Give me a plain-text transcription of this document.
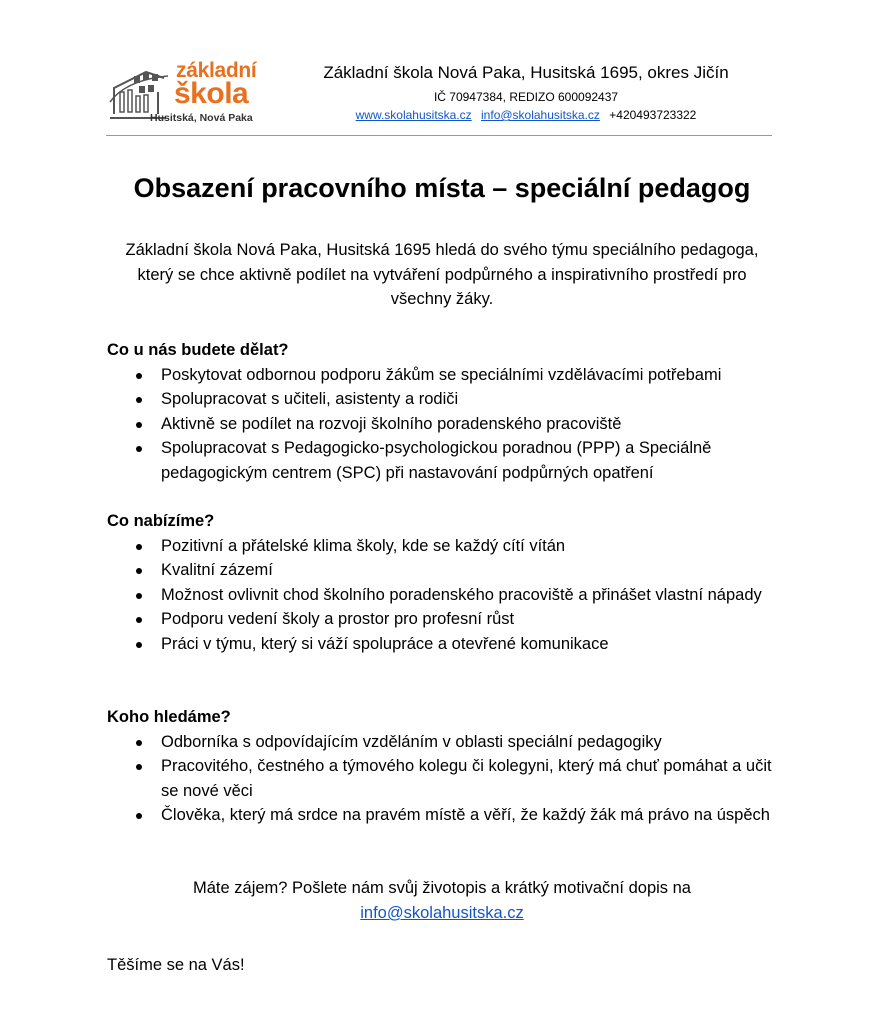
základní
škola
Husitská, Nová Paka
Základní škola Nová Paka, Husitská 1695, okres Jičín
IČ 70947384, REDIZO 600092437
www.skolahusitska.cz info@skolahusitska.cz +420493723322
Obsazení pracovního místa – speciální pedagog
Základní škola Nová Paka, Husitská 1695 hledá do svého týmu speciálního pedagoga, který se chce aktivně podílet na vytváření podpůrného a inspirativního prostředí pro všechny žáky.
Co u nás budete dělat?
Poskytovat odbornou podporu žákům se speciálními vzdělávacími potřebami
Spolupracovat s učiteli, asistenty a rodiči
Aktivně se podílet na rozvoji školního poradenského pracoviště
Spolupracovat s Pedagogicko-psychologickou poradnou (PPP) a Speciálně pedagogickým centrem (SPC) při nastavování podpůrných opatření
Co nabízíme?
Pozitivní a přátelské klima školy, kde se každý cítí vítán
Kvalitní zázemí
Možnost ovlivnit chod školního poradenského pracoviště a přinášet vlastní nápady
Podporu vedení školy a prostor pro profesní růst
Práci v týmu, který si váží spolupráce a otevřené komunikace
Koho hledáme?
Odborníka s odpovídajícím vzděláním v oblasti speciální pedagogiky
Pracovitého, čestného a týmového kolegu či kolegyni, který má chuť pomáhat a učit se nové věci
Člověka, který má srdce na pravém místě a věří, že každý žák má právo na úspěch
Máte zájem? Pošlete nám svůj životopis a krátký motivační dopis na
info@skolahusitska.cz
Těšíme se na Vás!
